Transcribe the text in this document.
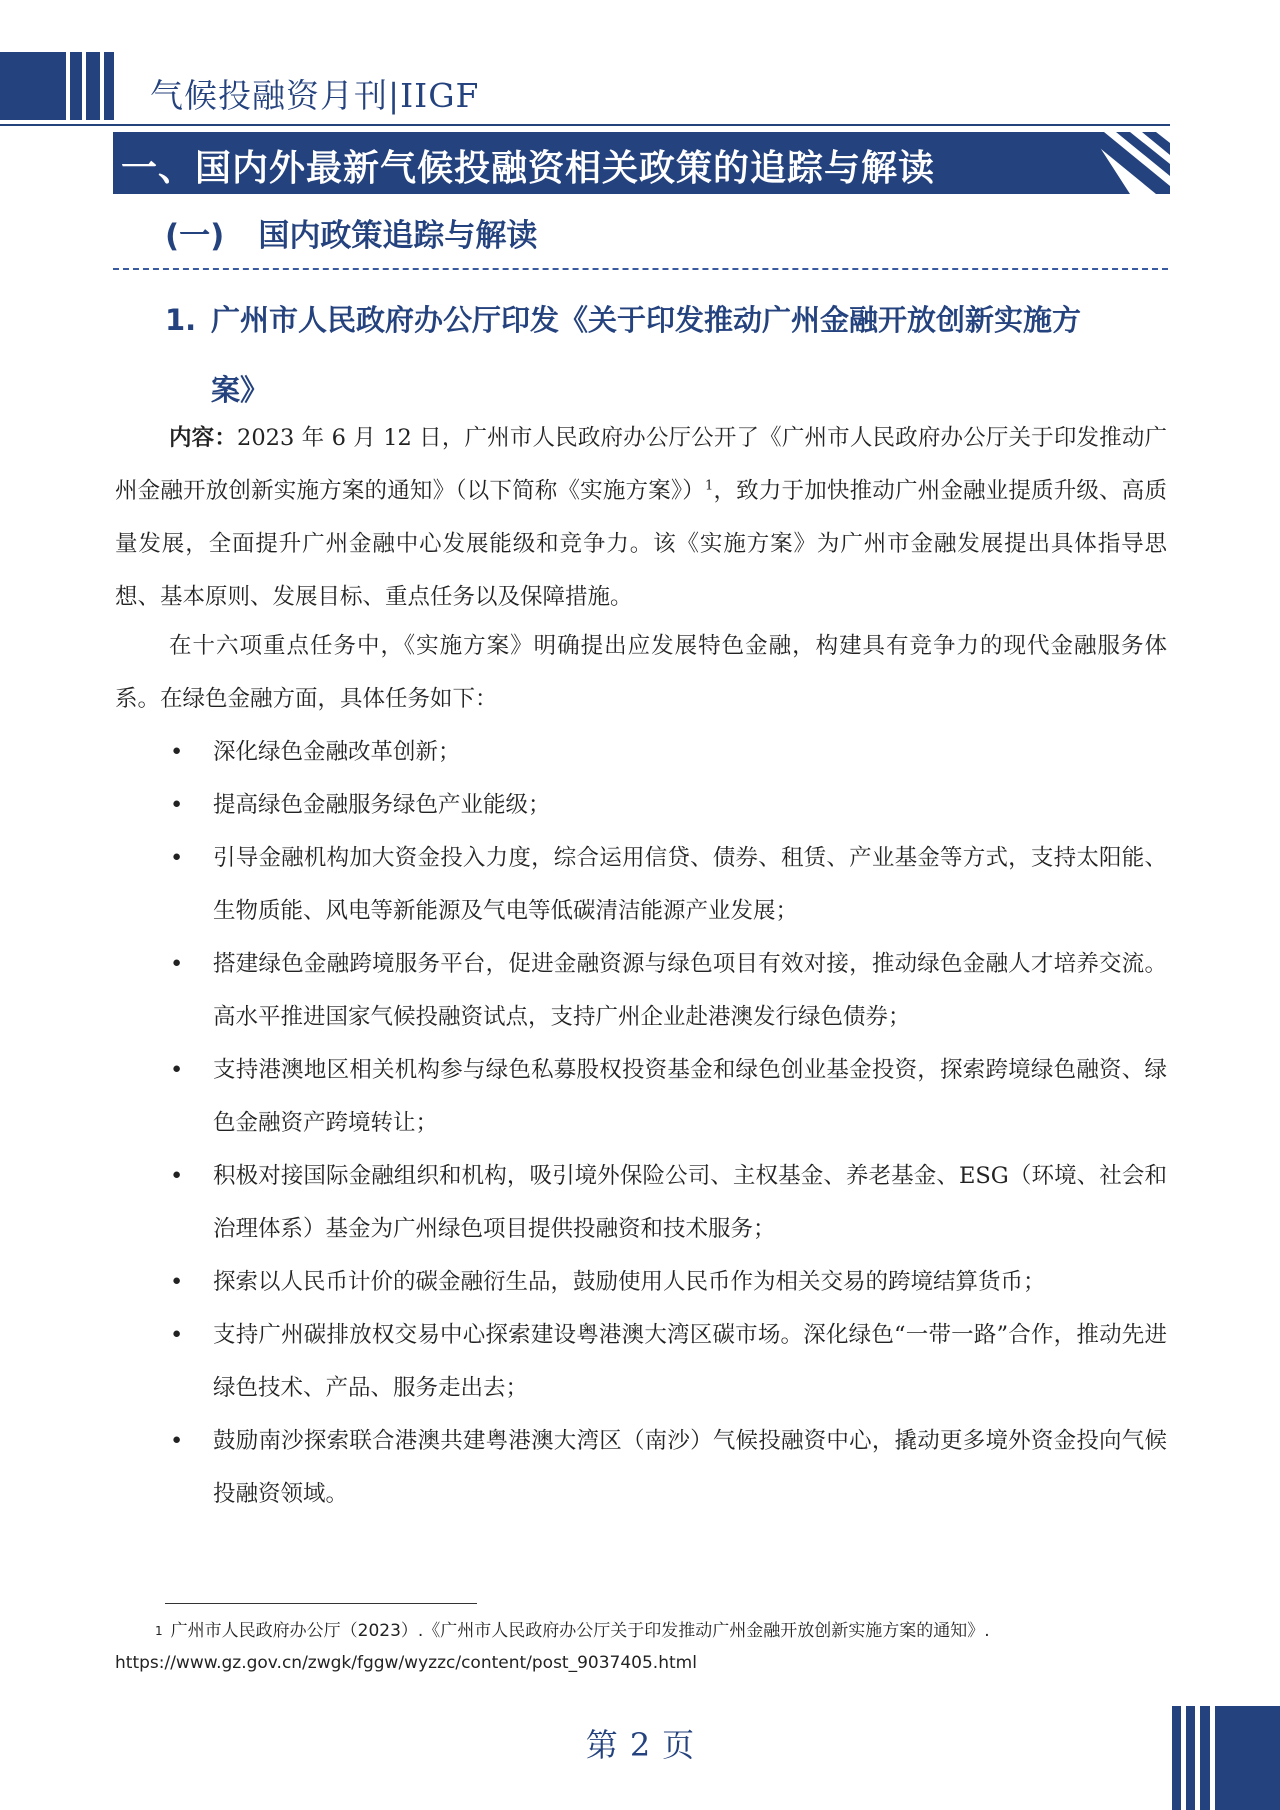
气候投融资月刊|IIGF
一、国内外最新气候投融资相关政策的追踪与解读
(一) 国内政策追踪与解读
1. 广州市人民政府办公厅印发《关于印发推动广州金融开放创新实施方
案》
内容：2023 年 6 月 12 日，广州市人民政府办公厅公开了《广州市人民政府办公厅关于印发推动广州金融开放创新实施方案的通知》（以下简称《实施方案》）$^1$，致力于加快推动广州金融业提质升级、高质量发展，全面提升广州金融中心发展能级和竞争力。该《实施方案》为广州市金融发展提出具体指导思想、基本原则、发展目标、重点任务以及保障措施。
在十六项重点任务中，《实施方案》明确提出应发展特色金融，构建具有竞争力的现代金融服务体系。在绿色金融方面，具体任务如下：
• 深化绿色金融改革创新；
• 提高绿色金融服务绿色产业能级；
• 引导金融机构加大资金投入力度，综合运用信贷、债券、租赁、产业基金等方式，支持太阳能、生物质能、风电等新能源及气电等低碳清洁能源产业发展；
• 搭建绿色金融跨境服务平台，促进金融资源与绿色项目有效对接，推动绿色金融人才培养交流。高水平推进国家气候投融资试点，支持广州企业赴港澳发行绿色债券；
• 支持港澳地区相关机构参与绿色私募股权投资基金和绿色创业基金投资，探索跨境绿色融资、绿色金融资产跨境转让；
• 积极对接国际金融组织和机构，吸引境外保险公司、主权基金、养老基金、ESG（环境、社会和治理体系）基金为广州绿色项目提供投融资和技术服务；
• 探索以人民币计价的碳金融衍生品，鼓励使用人民币作为相关交易的跨境结算货币；
• 支持广州碳排放权交易中心探索建设粤港澳大湾区碳市场。深化绿色“一带一路”合作，推动先进绿色技术、产品、服务走出去；
• 鼓励南沙探索联合港澳共建粤港澳大湾区（南沙）气候投融资中心，撬动更多境外资金投向气候投融资领域。
$^1$ 广州市人民政府办公厅（2023）.《广州市人民政府办公厅关于印发推动广州金融开放创新实施方案的通知》.
https://www.gz.gov.cn/zwgk/fggw/wyzzc/content/post_9037405.html
第 2 页
